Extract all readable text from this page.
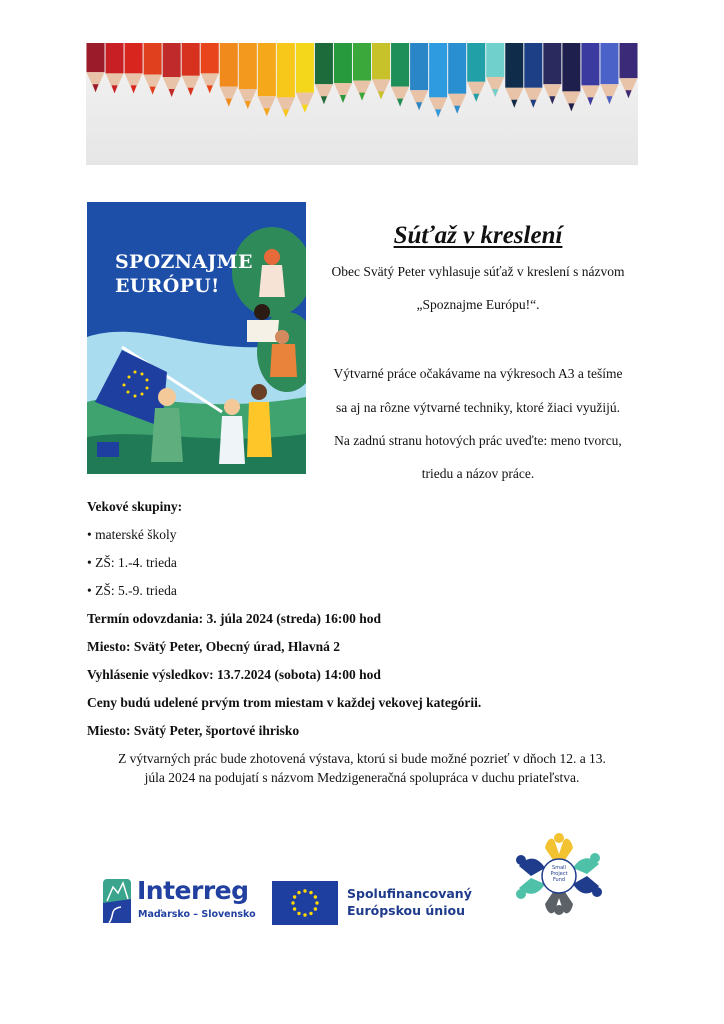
SPOZNAJME
EURÓPU!
Súťaž v kreslení
Obec Svätý Peter vyhlasuje súťaž v kreslení s názvom
„Spoznajme Európu!“.
Výtvarné práce očakávame na výkresoch A3 a tešíme
sa aj na rôzne výtvarné techniky, ktoré žiaci využijú.
Na zadnú stranu hotových prác uveďte: meno tvorcu,
triedu a názov práce.
Vekové skupiny:
• materské školy
• ZŠ: 1.-4. trieda
• ZŠ: 5.-9. trieda
Termín odovzdania: 3. júla 2024 (streda) 16:00 hod
Miesto: Svätý Peter, Obecný úrad, Hlavná 2
Vyhlásenie výsledkov: 13.7.2024 (sobota) 14:00 hod
Ceny budú udelené prvým trom miestam v každej vekovej kategórii.
Miesto: Svätý Peter, športové ihrisko
Z výtvarných prác bude zhotovená výstava, ktorú si bude možné pozrieť v dňoch 12. a 13.
júla 2024 na podujatí s názvom Medzigeneračná spolupráca v duchu priateľstva.
Interreg
Maďarsko – Slovensko
Spolufinancovaný
Európskou úniou
Small Project Fund
